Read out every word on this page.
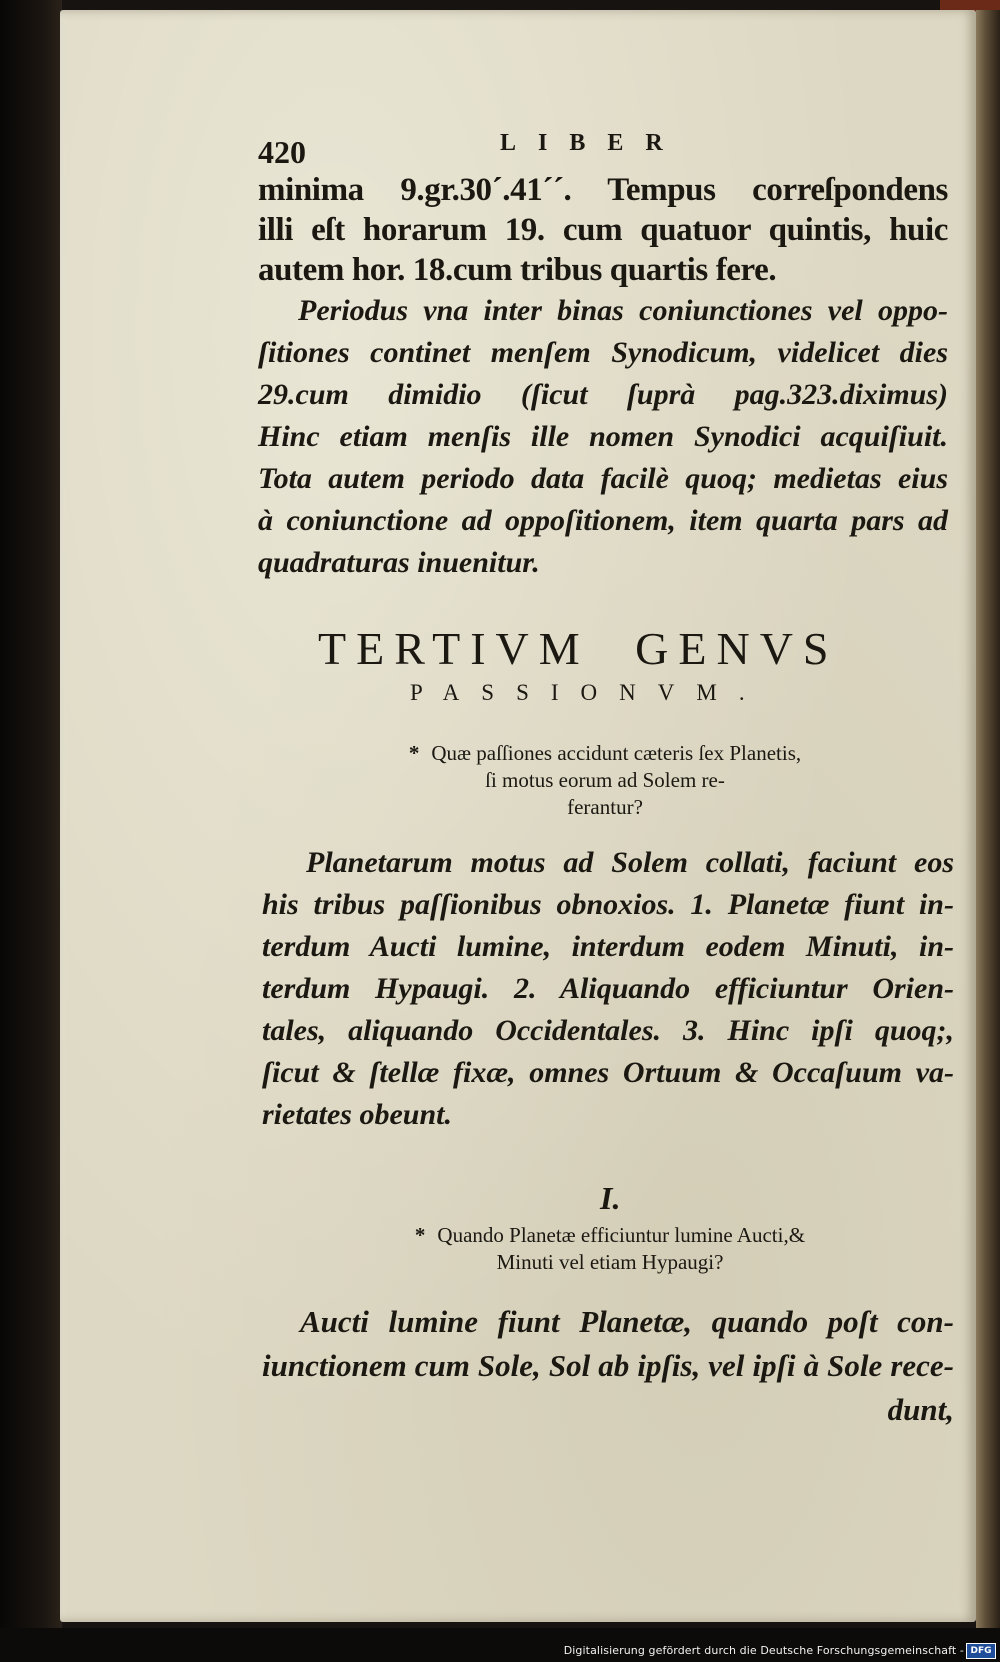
420	LIBER
minima 9.gr.30´.41´´. Tempus correſpondens
illi eſt horarum 19. cum quatuor quintis, huic
autem hor. 18.cum tribus quartis fere.
Periodus vna inter binas coniunctiones vel oppo-
ſitiones continet menſem Synodicum, videlicet dies
29.cum dimidio (ſicut ſuprà pag.323.diximus)
Hinc etiam menſis ille nomen Synodici acquiſiuit.
Tota autem periodo data facilè quoq; medietas eius
à coniunctione ad oppoſitionem, item quarta pars ad
quadraturas inuenitur.
TERTIVM GENVS
PASSIONVM.
* Quæ paſſiones accidunt cæteris ſex Planetis,
ſi motus eorum ad Solem re-
ferantur?
Planetarum motus ad Solem collati, faciunt eos
his tribus paſſionibus obnoxios. 1. Planetæ fiunt in-
terdum Aucti lumine, interdum eodem Minuti, in-
terdum Hypaugi. 2. Aliquando efficiuntur Orien-
tales, aliquando Occidentales. 3. Hinc ipſi quoq;,
ſicut & ſtellæ fixæ, omnes Ortuum & Occaſuum va-
rietates obeunt.
I.
* Quando Planetæ efficiuntur lumine Aucti,&
Minuti vel etiam Hypaugi?
Aucti lumine fiunt Planetæ, quando poſt con-
iunctionem cum Sole, Sol ab ipſis, vel ipſi à Sole rece-
dunt,
Digitalisierung gefördert durch die Deutsche Forschungsgemeinschaft - DFG
